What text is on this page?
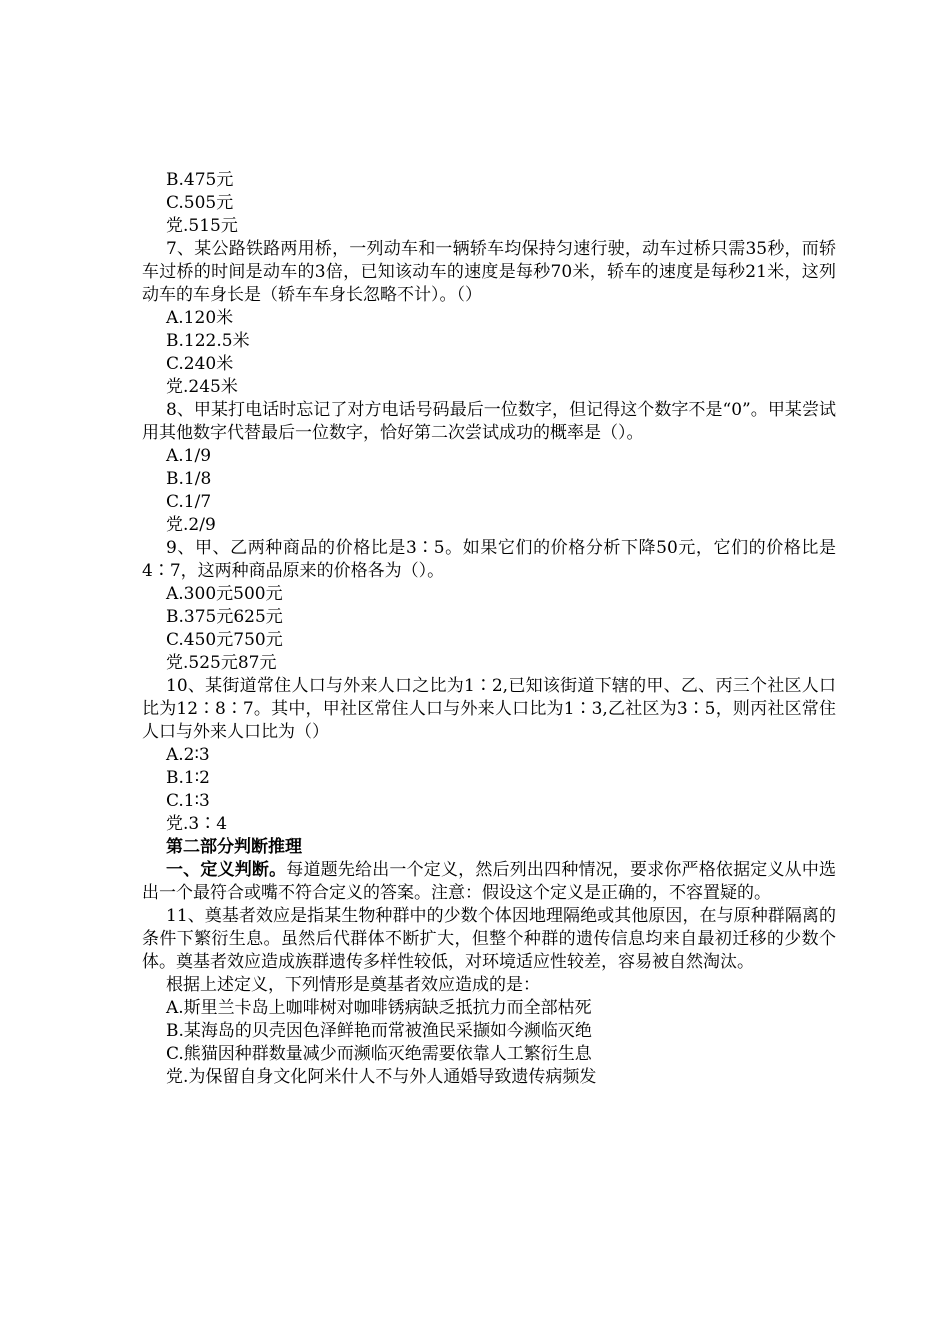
B.475元
C.505元
党.515元
7、某公路铁路两用桥，一列动车和一辆轿车均保持匀速行驶，动车过桥只需35秒，而轿车过桥的时间是动车的3倍，已知该动车的速度是每秒70米，轿车的速度是每秒21米，这列动车的车身长是（轿车车身长忽略不计）。（）
A.120米
B.122.5米
C.240米
党.245米
8、甲某打电话时忘记了对方电话号码最后一位数字，但记得这个数字不是“0”。甲某尝试用其他数字代替最后一位数字，恰好第二次尝试成功的概率是（）。
A.1/9
B.1/8
C.1/7
党.2/9
9、甲、乙两种商品的价格比是3∶5。如果它们的价格分析下降50元，它们的价格比是4∶7，这两种商品原来的价格各为（）。
A.300元500元
B.375元625元
C.450元750元
党.525元87元
10、某街道常住人口与外来人口之比为1∶2,已知该街道下辖的甲、乙、丙三个社区人口比为12∶8∶7。其中，甲社区常住人口与外来人口比为1∶3,乙社区为3∶5，则丙社区常住人口与外来人口比为（）
A.2∶3
B.1∶2
C.1∶3
党.3∶4
第二部分判断推理
一、定义判断。每道题先给出一个定义，然后列出四种情况，要求你严格依据定义从中选出一个最符合或嘴不符合定义的答案。注意：假设这个定义是正确的，不容置疑的。
11、奠基者效应是指某生物种群中的少数个体因地理隔绝或其他原因，在与原种群隔离的条件下繁衍生息。虽然后代群体不断扩大，但整个种群的遗传信息均来自最初迁移的少数个体。奠基者效应造成族群遗传多样性较低，对环境适应性较差，容易被自然淘汰。
根据上述定义，下列情形是奠基者效应造成的是：
A.斯里兰卡岛上咖啡树对咖啡锈病缺乏抵抗力而全部枯死
B.某海岛的贝壳因色泽鲜艳而常被渔民采撷如今濒临灭绝
C.熊猫因种群数量减少而濒临灭绝需要依靠人工繁衍生息
党.为保留自身文化阿米什人不与外人通婚导致遗传病频发
